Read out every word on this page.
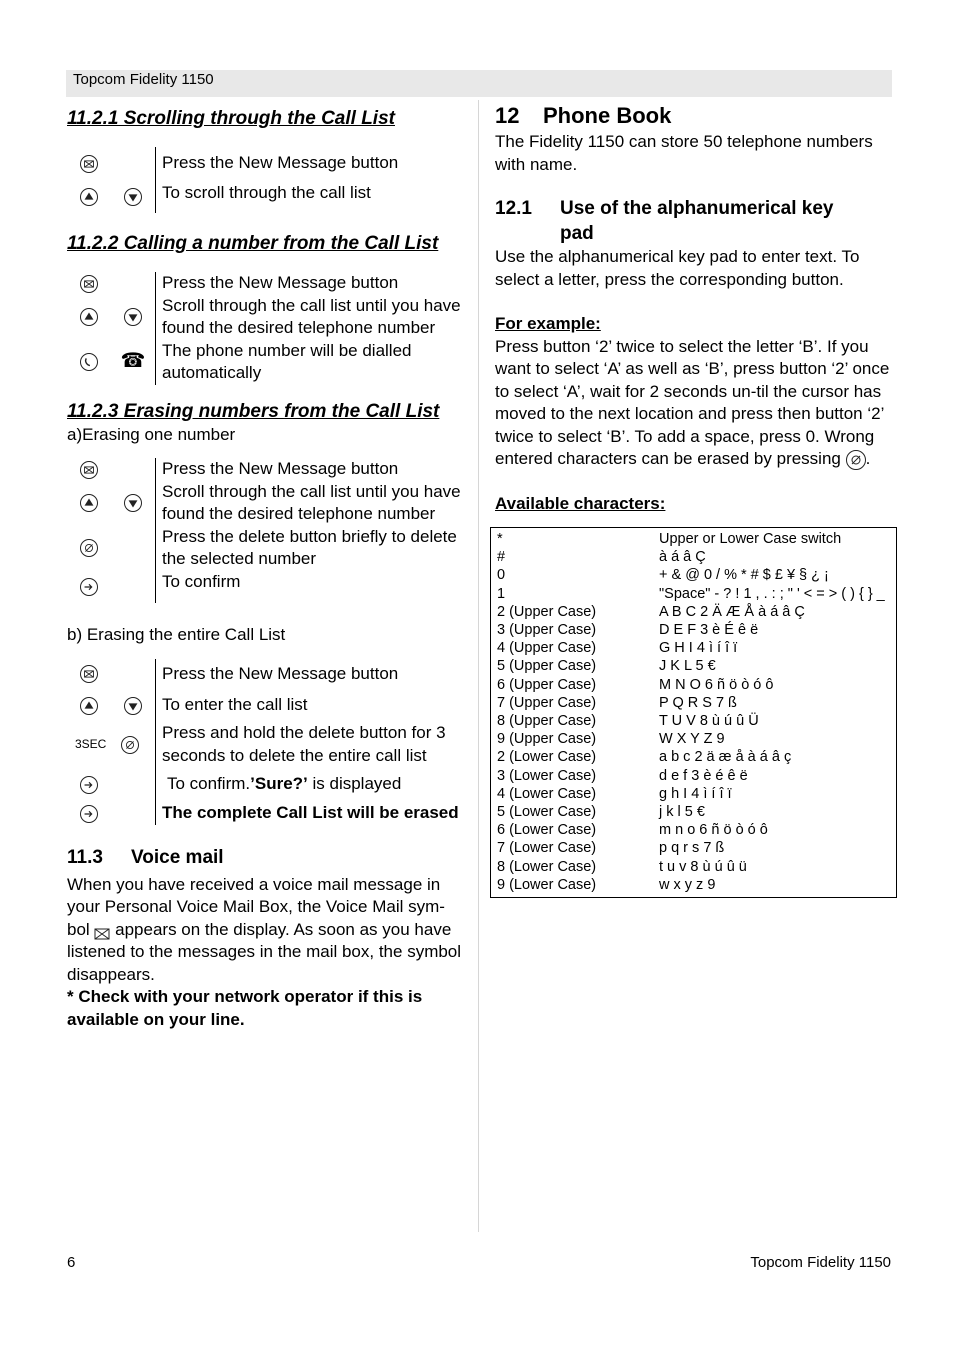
Topcom Fidelity 1150
6	Topcom Fidelity 1150
11.2.1 Scrolling through the Call List
		Press the New Message button

	To scroll through the call list
11.2.2 Calling a number from the Call List
		Press the New Message button

	Scroll through the call list until you have found the desired telephone number

	☎	The phone number will be dialled automatically
11.2.3 Erasing numbers from the Call List

a)Erasing one number

		Press the New Message button

	Scroll through the call list until you have found the desired telephone number

		Press the delete button briefly to delete the selected number

		To confirm

b) Erasing the entire Call List

		Press the New Message button

	To enter the call list
3SEC		Press and hold the delete button for 3 seconds to delete the entire call list

		To confirm.’Sure?’ is displayed

		The complete Call List will be erased
11.3 Voice mail

When you have received a voice mail message in your Personal Voice Mail Box, the Voice Mail sym-bol  appears on the display. As soon as you have listened to the messages in the mail box, the symbol disappears.

* Check with your network operator if this is available on your line.

12 Phone Book

The Fidelity 1150 can store 50 telephone numbers with name.

12.1	Use of the alphanumerical key pad

Use the alphanumerical key pad to enter text. To select a letter, press the corresponding button.

For example:

Press button ‘2’ twice to select the letter ‘B’. If you want to select ‘A’ as well as ‘B’, press button ‘2’ once to select ‘A’, wait for 2 seconds un-til the cursor has moved to the next location and press then button ‘2’ twice to select ‘B’. To add a space, press 0. Wrong entered characters can be erased by pressing .

Available characters:

*	Upper or Lower Case switch
#	à á â Ç
0	+ & @ 0 / % * # $ £ ¥ § ¿ ¡
1	"Space" - ? ! 1 , . : ; " ' < = > ( ) { } _
2 (Upper Case)	A B C 2 Ä Æ Å à á â Ç
3 (Upper Case)	D E F 3 è É ê ë
4 (Upper Case)	G H I 4 ì í î ï
5 (Upper Case)	J K L 5 €
6 (Upper Case)	M N O 6 ñ ö ò ó ô
7 (Upper Case)	P Q R S 7 ß
8 (Upper Case)	T U V 8 ù ú û Ü
9 (Upper Case)	W X Y Z 9
2 (Lower Case)	a b c 2 ä æ å à á â ç
3 (Lower Case)	d e f 3 è é ê ë
4 (Lower Case)	g h I 4 ì í î ï
5 (Lower Case)	j k l 5 €
6 (Lower Case)	m n o 6 ñ ö ò ó ô
7 (Lower Case)	p q r s 7 ß
8 (Lower Case)	t u v 8 ù ú û ü
9 (Lower Case)	w x y z 9
